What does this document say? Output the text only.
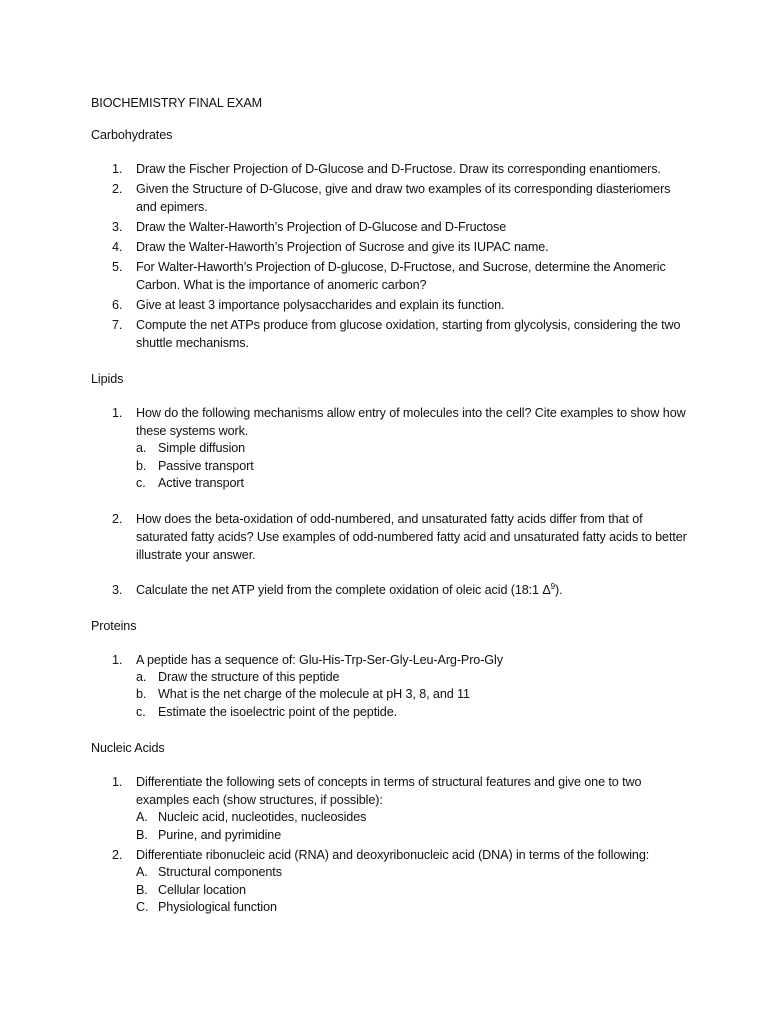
BIOCHEMISTRY FINAL EXAM
Carbohydrates
1. Draw the Fischer Projection of D-Glucose and D-Fructose. Draw its corresponding enantiomers.
2. Given the Structure of D-Glucose, give and draw two examples of its corresponding diasteriomers and epimers.
3. Draw the Walter-Haworth’s Projection of D-Glucose and D-Fructose
4. Draw the Walter-Haworth’s Projection of Sucrose and give its IUPAC name.
5. For Walter-Haworth’s Projection of D-glucose, D-Fructose, and Sucrose, determine the Anomeric Carbon. What is the importance of anomeric carbon?
6. Give at least 3 importance polysaccharides and explain its function.
7. Compute the net ATPs produce from glucose oxidation, starting from glycolysis, considering the two shuttle mechanisms.
Lipids
1. How do the following mechanisms allow entry of molecules into the cell? Cite examples to show how these systems work.
a. Simple diffusion
b. Passive transport
c. Active transport
2. How does the beta-oxidation of odd-numbered, and unsaturated fatty acids differ from that of saturated fatty acids? Use examples of odd-numbered fatty acid and unsaturated fatty acids to better illustrate your answer.
3. Calculate the net ATP yield from the complete oxidation of oleic acid (18:1 $\Delta^9$).
Proteins
1. A peptide has a sequence of: Glu-His-Trp-Ser-Gly-Leu-Arg-Pro-Gly
a. Draw the structure of this peptide
b. What is the net charge of the molecule at pH 3, 8, and 11
c. Estimate the isoelectric point of the peptide.
Nucleic Acids
1. Differentiate the following sets of concepts in terms of structural features and give one to two examples each (show structures, if possible):
A. Nucleic acid, nucleotides, nucleosides
B. Purine, and pyrimidine
2. Differentiate ribonucleic acid (RNA) and deoxyribonucleic acid (DNA) in terms of the following:
A. Structural components
B. Cellular location
C. Physiological function
